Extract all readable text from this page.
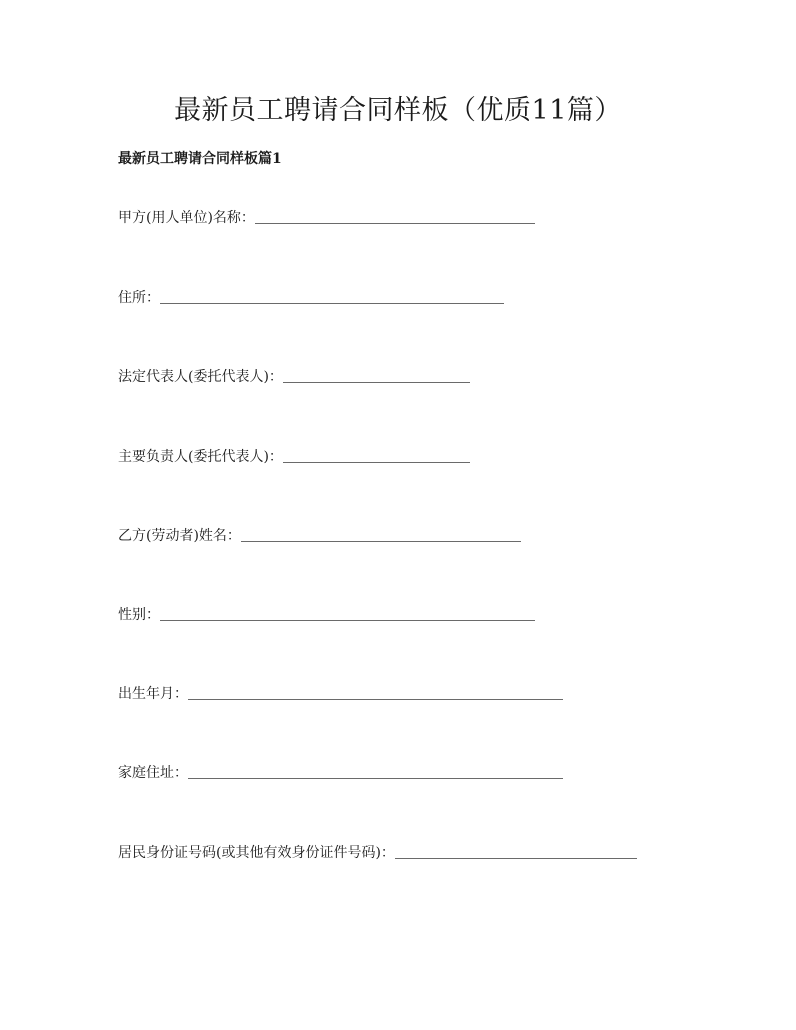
最新员工聘请合同样板（优质11篇）
最新员工聘请合同样板篇1
甲方(用人单位)名称：
住所：
法定代表人(委托代表人)：
主要负责人(委托代表人)：
乙方(劳动者)姓名：
性别：
出生年月：
家庭住址：
居民身份证号码(或其他有效身份证件号码)：
